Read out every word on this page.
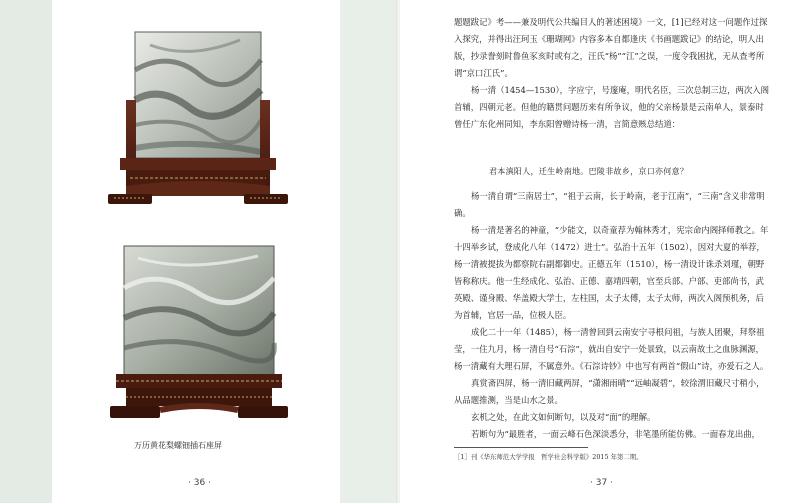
万历黄花梨螺钿插石座屏
· 36 ·

题题跋记》考——兼及明代公共编目人的著述困境》一文，[1]已经对这一问题作过探入探究，并得出汪珂玉《珊瑚网》内容多本自都逢庆《书画题跋记》的结论，明人出版，抄录誊刻时鲁鱼豕亥时或有之，汪氏“杨”“江”之误，一度令我困扰，无从查考所谓“京口江氏”。

杨一清（1454—1530），字应宁，号邃庵，明代名臣，三次总制三边，两次入阁首辅，四朝元老。但他的籍贯问题历来有所争议，他的父亲杨景是云南单人，景泰时曾任广东化州同知，李东阳曾赠诗杨一清，言简意赅总结道：

君本滇阳人，迁生岭南地。巴陵非故乡，京口亦何意？

杨一清自谓“三南居士”，“祖于云南，长于岭南，老于江南”，“三南”含义非常明确。

杨一清是著名的神童，“少能文，以奇童荐为翰林秀才，宪宗命内阁择师教之。年十四举乡试，登成化八年（1472）进士”。弘治十五年（1502），因对大夏的举荐，杨一清被提拔为都察院右副都御史。正德五年（1510），杨一清设计诛杀刘瑾，朝野皆称称庆。他一生经成化、弘治、正德、嘉靖四朝，官至兵部、户部、吏部尚书，武英殿、谨身殿、华盖殿大学士，左柱国，太子太傅，太子太师，两次入阁预机务，后为首辅，官居一品，位极人臣。

成化二十一年（1485），杨一清曾回到云南安宁寻根问祖，与族人团聚，拜祭祖莹，一住九月，杨一清自号“石淙”，就出自安宁一处景致，以云南故土之血脉渊源，杨一清藏有大理石屏，不属意外。《石淙诗钞》中也写有两首“假山”诗，亦爱石之人。

真赏斋四屏，杨一清旧藏两屏，“潇湘雨晴”“远岫凝碧”，较徐渭旧藏尺寸稍小，从品题推测，当是山水之景。

玄机之处，在此文如何断句，以及对“面”的理解。

若断句为“最胜者，一面云峰石色深淡悉分，非笔墨所能仿佛。一面春龙出曲，

［1］刊《华东师范大学学报　哲学社会科学版》2015 年第二期。
· 37 ·
